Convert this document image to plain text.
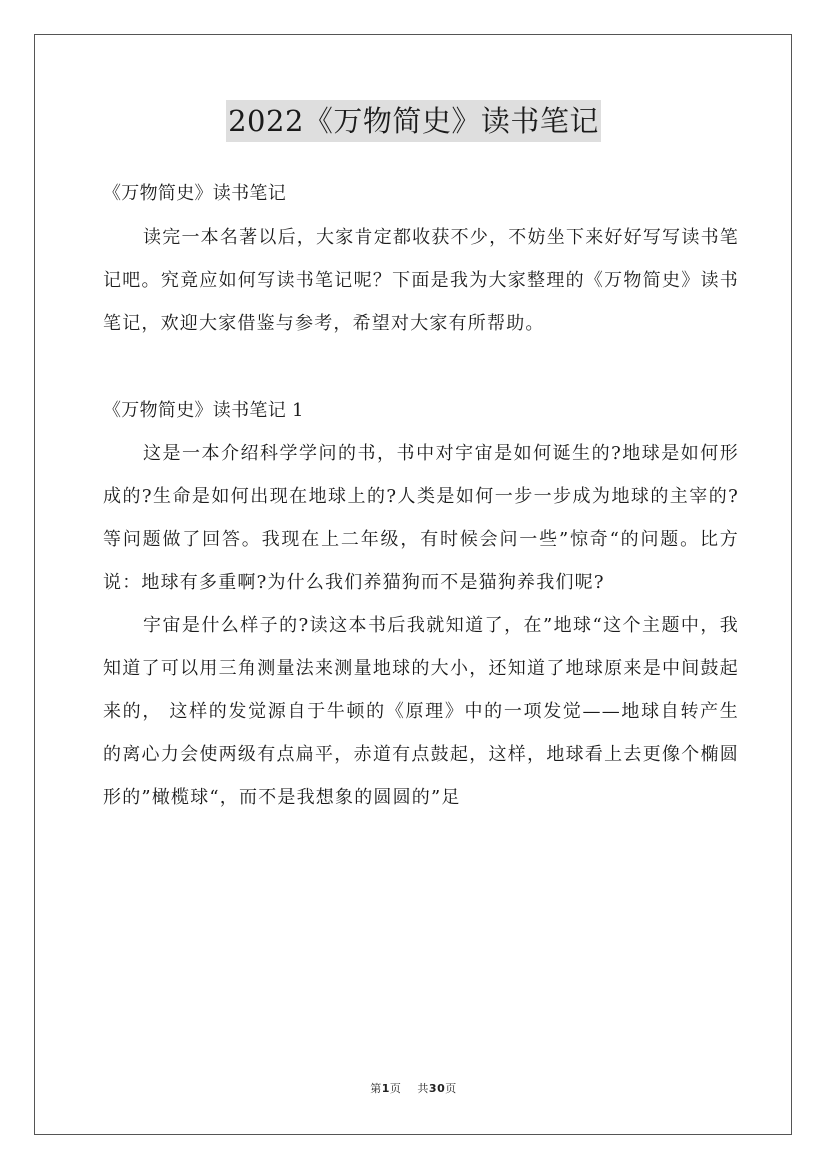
2022《万物简史》读书笔记

《万物简史》读书笔记

读完一本名著以后，大家肯定都收获不少，不妨坐下来好好写写读书笔记吧。究竟应如何写读书笔记呢？下面是我为大家整理的《万物简史》读书笔记，欢迎大家借鉴与参考，希望对大家有所帮助。

《万物简史》读书笔记 1

这是一本介绍科学学问的书，书中对宇宙是如何诞生的?地球是如何形成的?生命是如何出现在地球上的?人类是如何一步一步成为地球的主宰的?等问题做了回答。我现在上二年级，有时候会问一些”惊奇“的问题。比方说：地球有多重啊?为什么我们养猫狗而不是猫狗养我们呢?

宇宙是什么样子的?读这本书后我就知道了，在”地球“这个主题中，我知道了可以用三角测量法来测量地球的大小，还知道了地球原来是中间鼓起来的， 这样的发觉源自于牛顿的《原理》中的一项发觉——地球自转产生的离心力会使两级有点扁平，赤道有点鼓起，这样，地球看上去更像个椭圆形的”橄榄球“，而不是我想象的圆圆的”足

第1页 共30页
